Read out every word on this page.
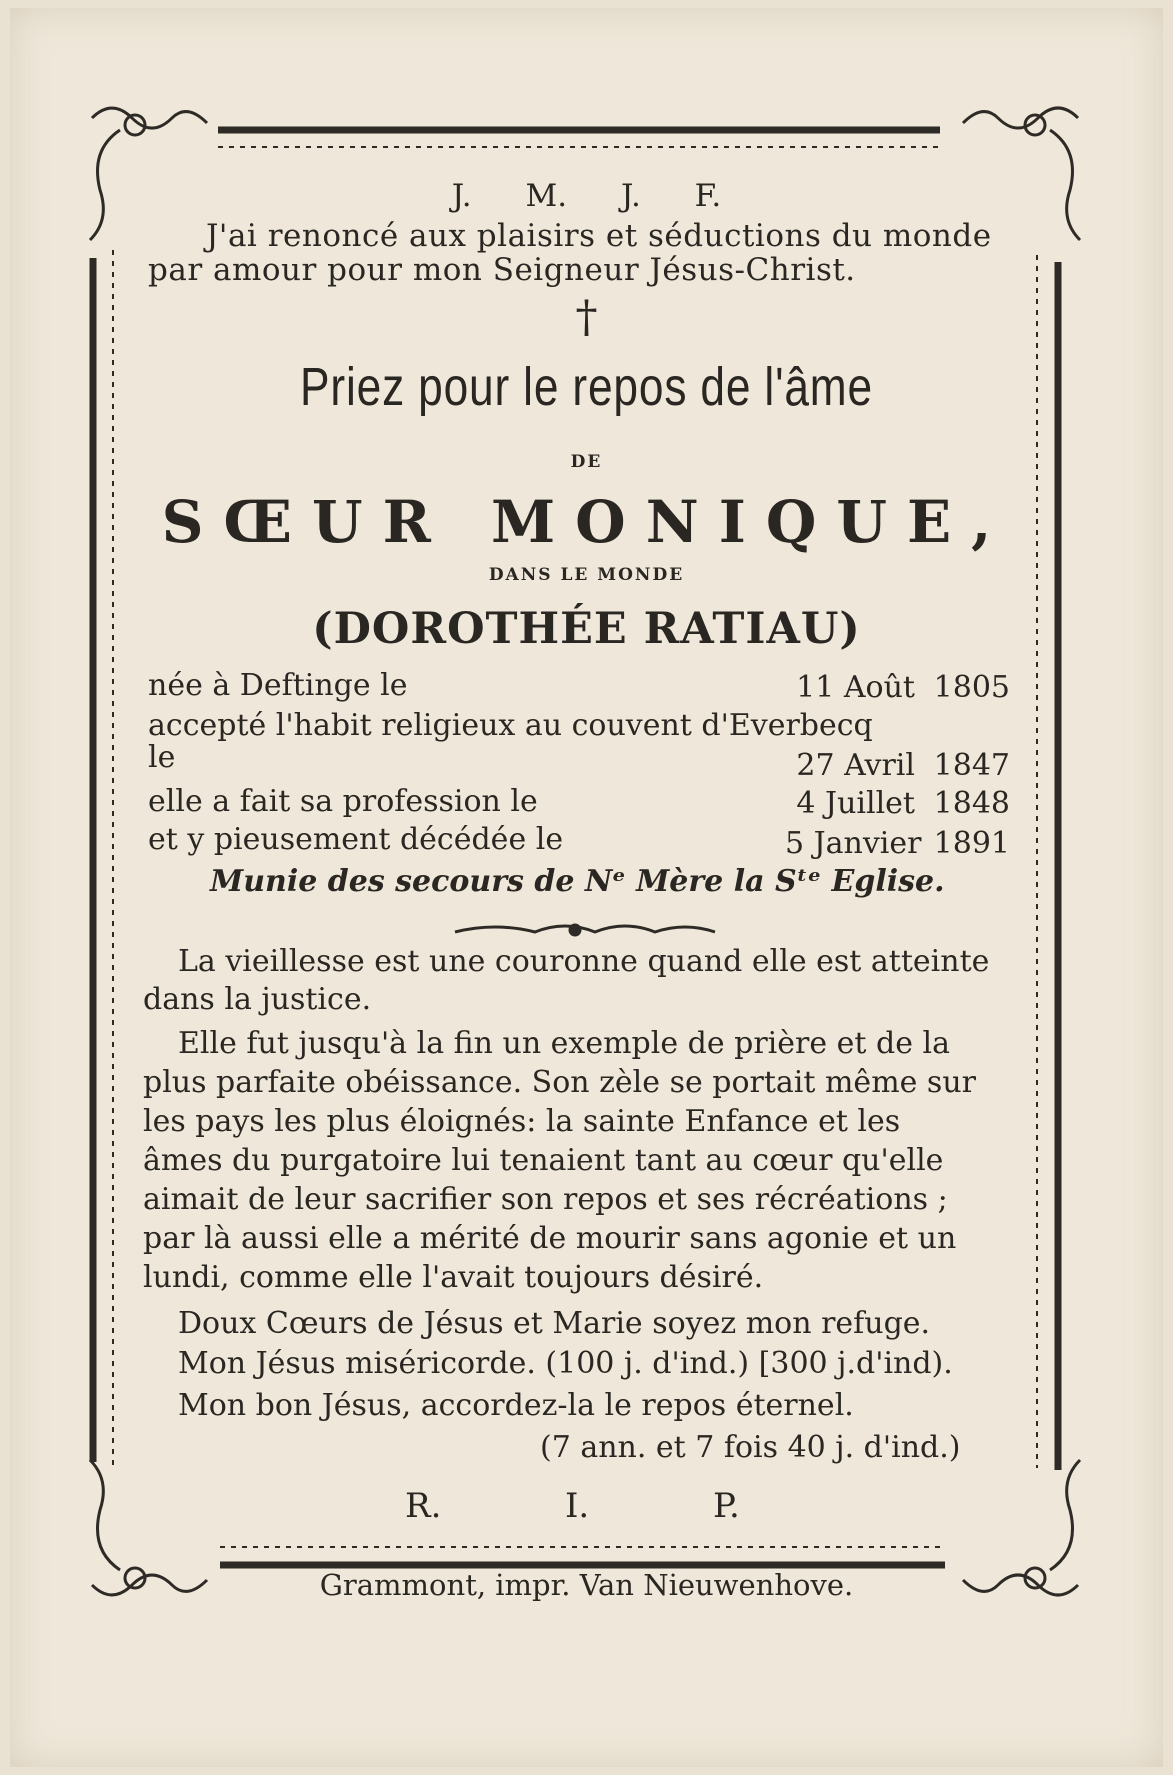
J. M. J. F.
J'ai renoncé aux plaisirs et séductions du monde
par amour pour mon Seigneur Jésus-Christ.
†
Priez pour le repos de l'âme
DE
SŒUR MONIQUE,
DANS LE MONDE
(DOROTHÉE RATIAU)
née à Deftinge le	11 Août 1805
accepté l'habit religieux au couvent d'Everbecq
le	27 Avril 1847
elle a fait sa profession le	4 Juillet 1848
et y pieusement décédée le	5 Janvier 1891
Munie des secours de Nᵉ Mère la Sᵗᵉ Eglise.
La vieillesse est une couronne quand elle est atteinte
dans la justice.
Elle fut jusqu'à la fin un exemple de prière et de la
plus parfaite obéissance. Son zèle se portait même sur
les pays les plus éloignés: la sainte Enfance et les
âmes du purgatoire lui tenaient tant au cœur qu'elle
aimait de leur sacrifier son repos et ses récréations ;
par là aussi elle a mérité de mourir sans agonie et un
lundi, comme elle l'avait toujours désiré.
Doux Cœurs de Jésus et Marie soyez mon refuge.
Mon Jésus miséricorde. (100 j. d'ind.) [300 j.d'ind).
Mon bon Jésus, accordez-la le repos éternel.
(7 ann. et 7 fois 40 j. d'ind.)
R.	I.	P.
Grammont, impr. Van Nieuwenhove.
